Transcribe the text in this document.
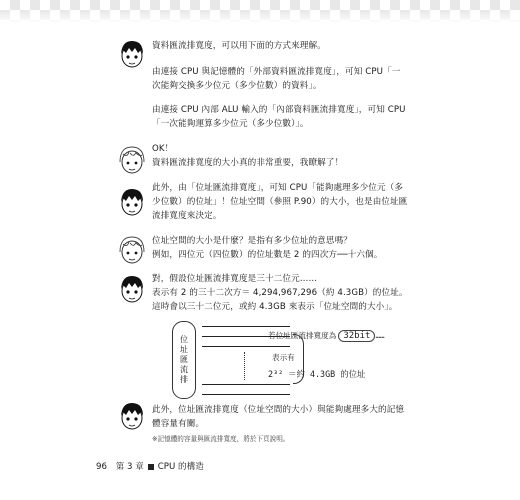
資料匯流排寬度，可以用下面的方式來理解。
由連接 CPU 與記憶體的「外部資料匯流排寬度」，可知 CPU「一
次能夠交換多少位元（多少位數）的資料」。
由連接 CPU 內部 ALU 輸入的「內部資料匯流排寬度」，可知 CPU
「一次能夠運算多少位元（多少位數）」。
OK！
資料匯流排寬度的大小真的非常重要，我瞭解了！
此外，由「位址匯流排寬度」，可知 CPU「能夠處理多少位元（多
少位數）的位址」！位址空間（參照 P.90）的大小，也是由位址匯
流排寬度來決定。
位址空間的大小是什麼？是指有多少位址的意思嗎？
例如，四位元（四位數）的位址數是 2 的四次方──十六個。
對，假設位址匯流排寬度是三十二位元……
表示有 2 的三十二次方＝ 4,294,967,296（約 4.3GB）的位址。
這時會以三十二位元，或約 4.3GB 來表示「位址空間的大小」。
位址匯流排	若位址匯流排寬度為 32bit ……
表示有
2³² ＝約 4.3GB 的位址
此外，位址匯流排寬度（位址空間的大小）與能夠處理多大的記憶
體容量有關。
※記憶體的容量與匯流排寬度，將於下頁說明。
96 第 3 章 CPU 的構造
